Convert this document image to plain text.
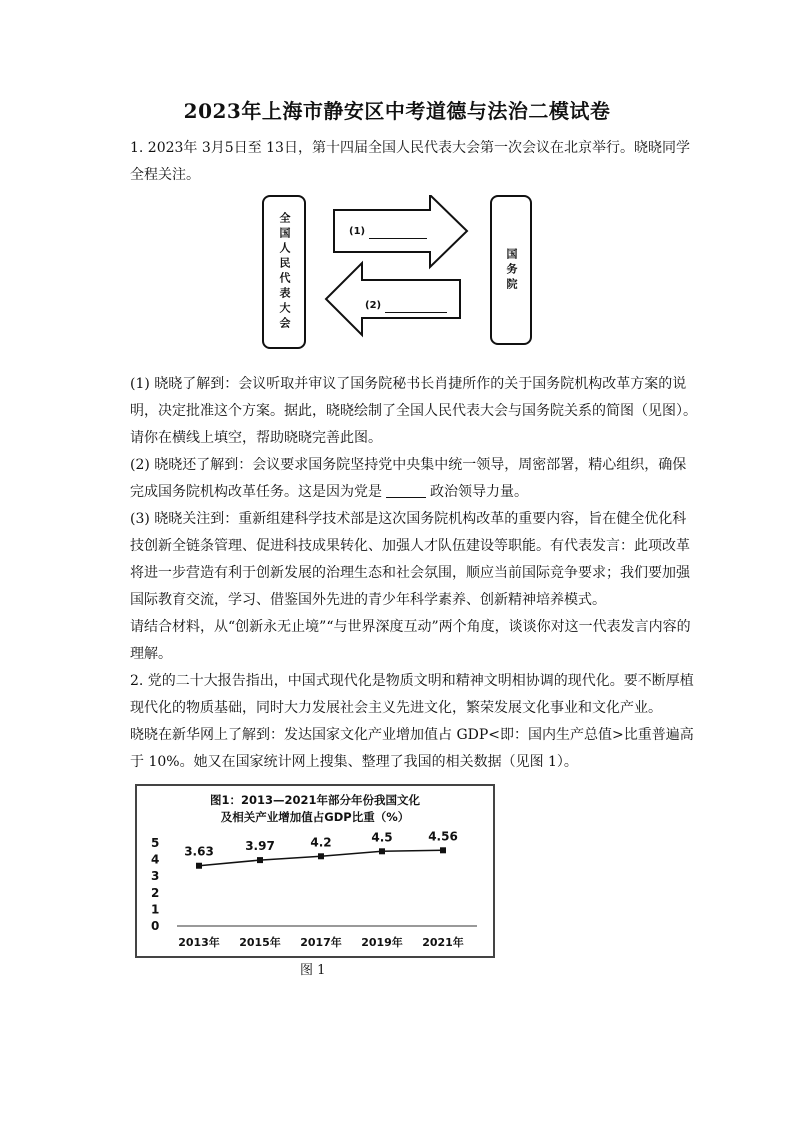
2023年上海市静安区中考道德与法治二模试卷

1. 2023年 3月5日至 13日，第十四届全国人民代表大会第一次会议在北京举行。晓晓同学全程关注。

全国人民代表大会	国务院
(1)
(2)

(1) 晓晓了解到：会议听取并审议了国务院秘书长肖捷所作的关于国务院机构改革方案的说明，决定批准这个方案。据此，晓晓绘制了全国人民代表大会与国务院关系的简图（见图）。请你在横线上填空，帮助晓晓完善此图。

(2) 晓晓还了解到：会议要求国务院坚持党中央集中统一领导，周密部署，精心组织，确保完成国务院机构改革任务。这是因为党是	政治领导力量。

(3) 晓晓关注到：重新组建科学技术部是这次国务院机构改革的重要内容，旨在健全优化科技创新全链条管理、促进科技成果转化、加强人才队伍建设等职能。有代表发言：此项改革将进一步营造有利于创新发展的治理生态和社会氛围，顺应当前国际竞争要求；我们要加强国际教育交流，学习、借鉴国外先进的青少年科学素养、创新精神培养模式。

请结合材料，从“创新永无止境”“与世界深度互动”两个角度，谈谈你对这一代表发言内容的理解。

2. 党的二十大报告指出，中国式现代化是物质文明和精神文明相协调的现代化。要不断厚植现代化的物质基础，同时大力发展社会主义先进文化，繁荣发展文化事业和文化产业。

晓晓在新华网上了解到：发达国家文化产业增加值占 GDP<即：国内生产总值>比重普遍高于 10%。她又在国家统计网上搜集、整理了我国的相关数据（见图 1）。

图1：2013—2021年部分年份我国文化
及相关产业增加值占GDP比重（%）
0
1
2
3
4
5
3.63
2013年
3.97
2015年
4.2
2017年
4.5
2019年
4.56
2021年
图 1
